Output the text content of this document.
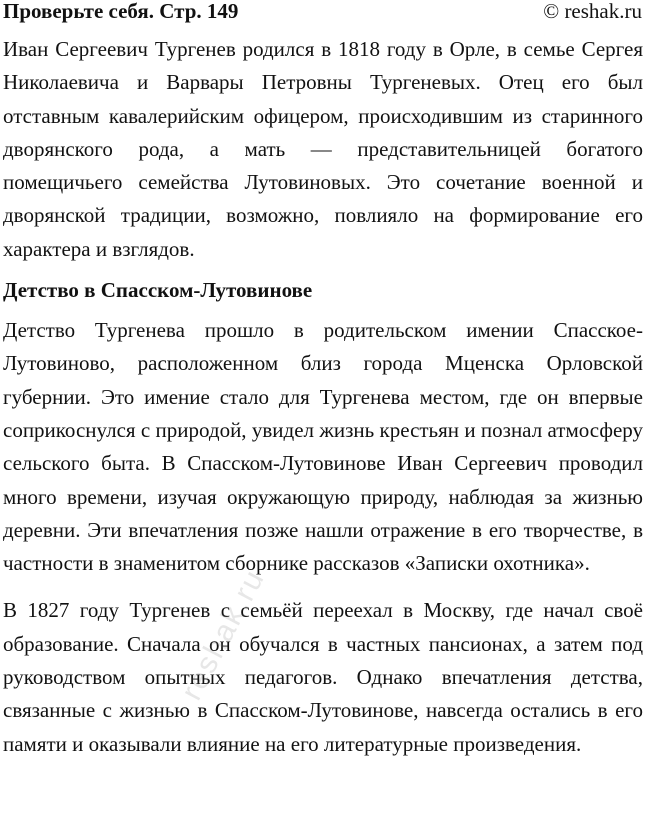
Проверьте себя. Стр. 149	© reshak.ru

Иван Сергеевич Тургенев родился в 1818 году в Орле, в семье Сергея Николаевича и Варвары Петровны Тургеневых. Отец его был отставным кавалерийским офицером, происходившим из старинного дворянского рода, а мать — представительницей богатого помещичьего семейства Лутовиновых. Это сочетание военной и дворянской традиции, возможно, повлияло на формирование его характера и взглядов.

Детство в Спасском-Лутовинове

Детство Тургенева прошло в родительском имении Спасское-Лутовиново, расположенном близ города Мценска Орловской губернии. Это имение стало для Тургенева местом, где он впервые соприкоснулся с природой, увидел жизнь крестьян и познал атмосферу сельского быта. В Спасском-Лутовинове Иван Сергеевич проводил много времени, изучая окружающую природу, наблюдая за жизнью деревни. Эти впечатления позже нашли отражение в его творчестве, в частности в знаменитом сборнике рассказов «Записки охотника».

В 1827 году Тургенев с семьёй переехал в Москву, где начал своё образование. Сначала он обучался в частных пансионах, а затем под руководством опытных педагогов. Однако впечатления детства, связанные с жизнью в Спасском-Лутовинове, навсегда остались в его памяти и оказывали влияние на его литературные произведения.

reshak.ru
